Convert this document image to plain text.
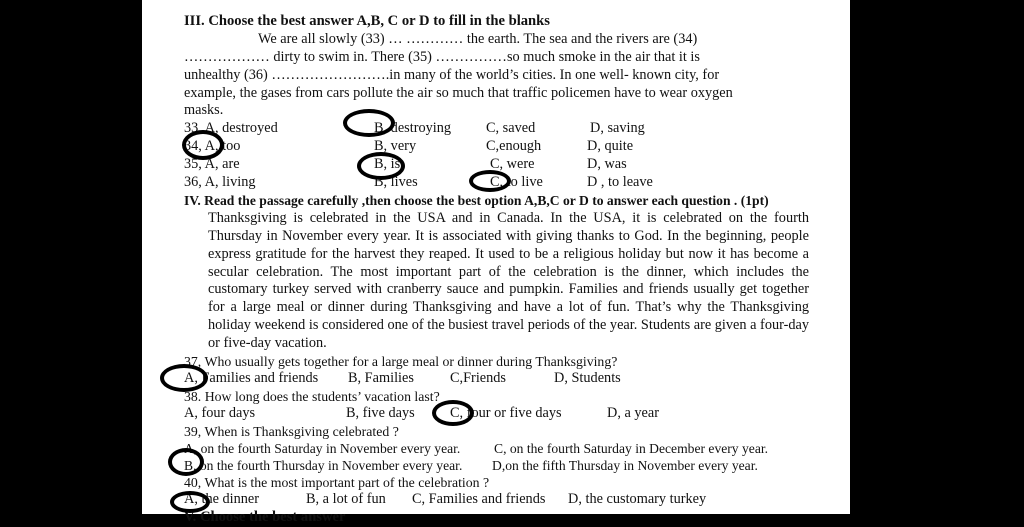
III. Choose the best answer A,B, C or D to fill in the blanks
We are all slowly (33) … ………… the earth. The sea and the rivers are (34)
……………… dirty to swim in. There (35) ……………so much smoke in the air that it is
unhealthy (36) …………………….in many of the world’s cities. In one well- known city, for
example, the gases from cars pollute the air so much that traffic policemen have to wear oxygen
masks.
33, A, destroyed	B, destroying C, saved	D, saving
34, A, too	B, very	C,enough	D, quite
35, A, are	B, is	C, were	D, was
36, A, living	B, lives	C, to live	D , to leave
IV. Read the passage carefully ,then choose the best option A,B,C or D to answer each question . (1pt)
Thanksgiving is celebrated in the USA and in Canada. In the USA, it is celebrated on the fourth Thursday in November every year. It is associated with giving thanks to God. In the beginning, people express gratitude for the harvest they reaped. It used to be a religious holiday but now it has become a secular celebration. The most important part of the celebration is the dinner, which includes the customary turkey served with cranberry sauce and pumpkin. Families and friends usually get together for a large meal or dinner during Thanksgiving and have a lot of fun. That’s why the Thanksgiving holiday weekend is considered one of the busiest travel periods of the year. Students are given a four-day or five-day vacation.
37, Who usually gets together for a large meal or dinner during Thanksgiving?
A, Families and friends B, Families	C,Friends	D, Students
38. How long does the students’ vacation last?
A, four days	B, five days C, four or five days	D, a year
39, When is Thanksgiving celebrated ?
A, on the fourth Saturday in November every year. C, on the fourth Saturday in December every year.
B, on the fourth Thursday in November every year. D,on the fifth Thursday in November every year.
40, What is the most important part of the celebration ?
A, the dinner	B, a lot of fun C, Families and friends D, the customary turkey
V. Choose the best answer
